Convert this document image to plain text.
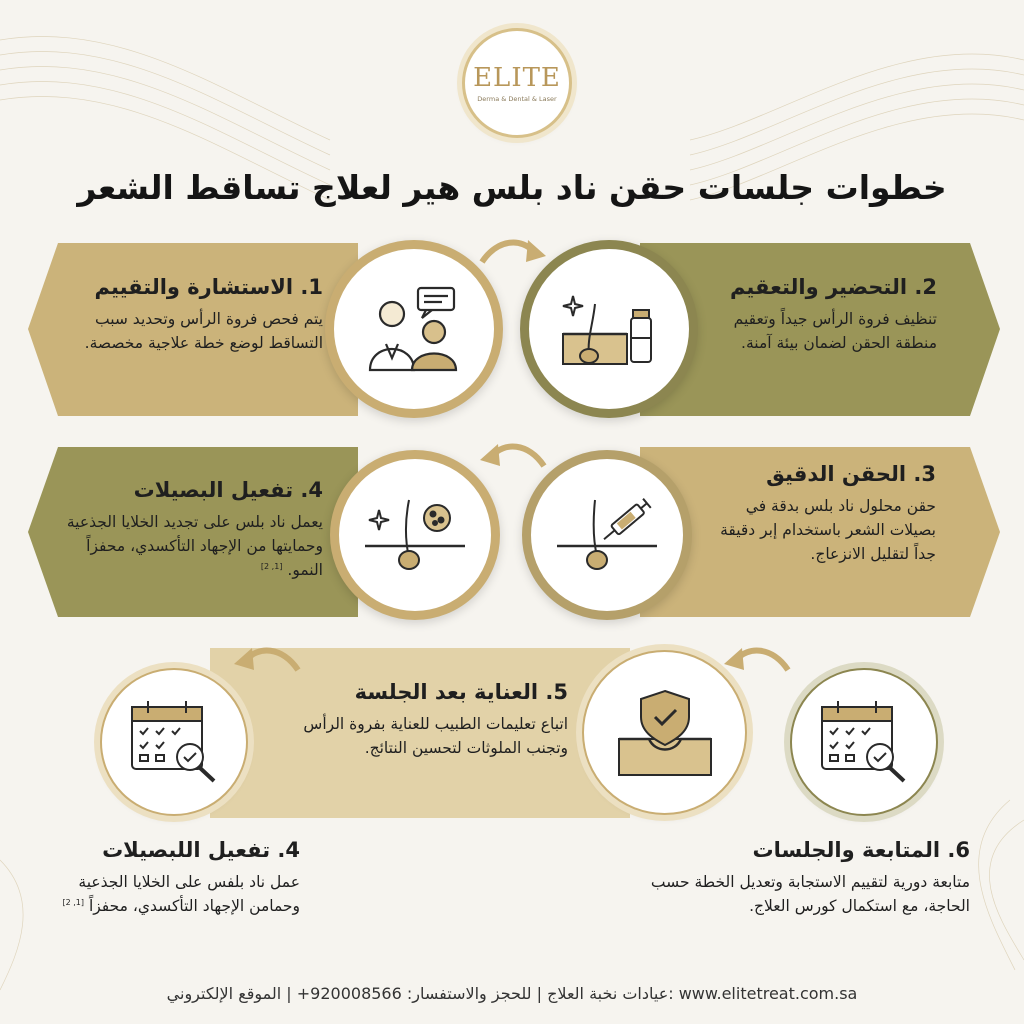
ELITE
Derma & Dental & Laser
خطوات جلسات حقن ناد بلس هير لعلاج تساقط الشعر
1. الاستشارة والتقييم
يتم فحص فروة الرأس وتحديد سبب التساقط لوضع خطة علاجية مخصصة.
2. التحضير والتعقيم
تنظيف فروة الرأس جيداً وتعقيم منطقة الحقن لضمان بيئة آمنة.
4. تفعيل البصيلات
يعمل ناد بلس على تجديد الخلايا الجذعية وحمايتها من الإجهاد التأكسدي، محفزاً النمو. [1, 2]
3. الحقن الدقيق
حقن محلول ناد بلس بدقة في بصيلات الشعر باستخدام إبر دقيقة جداً لتقليل الانزعاج.
5. العناية بعد الجلسة
اتباع تعليمات الطبيب للعناية بفروة الرأس وتجنب الملوثات لتحسين النتائج.
6. المتابعة والجلسات
متابعة دورية لتقييم الاستجابة وتعديل الخطة حسب الحاجة، مع استكمال كورس العلاج.
4. تفعيل اللبصيلات
عمل ناد بلفس على الخلايا الجذعية وحمامن الإجهاد التأكسدي، محفزاً [1, 2]
عيادات نخبة العلاج | للحجز والاستفسار: 920008566+ | الموقع الإلكتروني: www.elitetreat.com.sa
